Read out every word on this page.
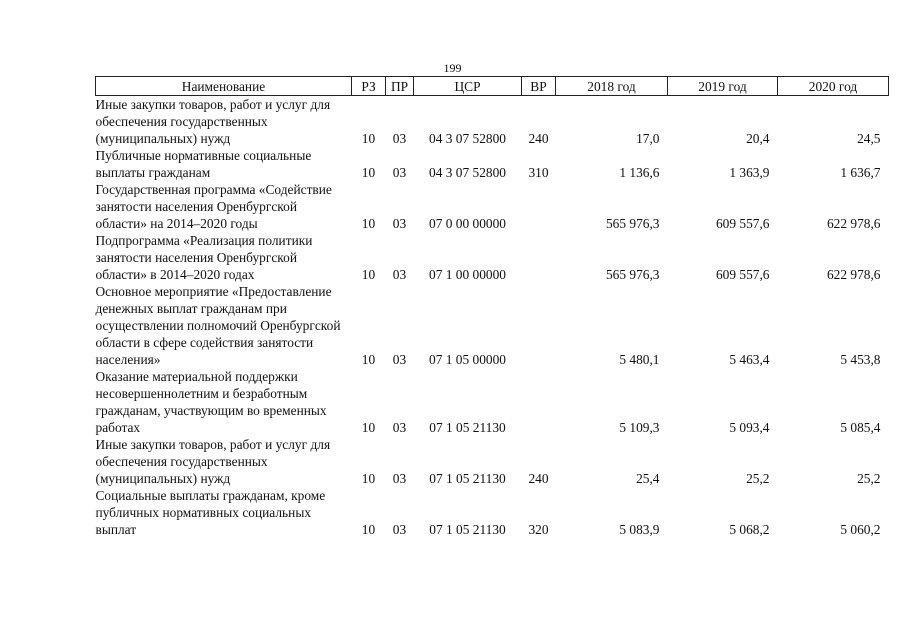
199
Наименование	РЗ	ПР	ЦСР	ВР	2018 год	2019 год	2020 год
Иные закупки товаров, работ и услуг для обеспечения государственных (муниципальных) нужд	10	03	04 3 07 52800	240	17,0	20,4	24,5
Публичные нормативные социальные выплаты гражданам	10	03	04 3 07 52800	310	1 136,6	1 363,9	1 636,7
Государственная программа «Содействие занятости населения Оренбургской области» на 2014–2020 годы	10	03	07 0 00 00000		565 976,3	609 557,6	622 978,6
Подпрограмма «Реализация политики занятости населения Оренбургской области» в 2014–2020 годах	10	03	07 1 00 00000		565 976,3	609 557,6	622 978,6
Основное мероприятие «Предоставление денежных выплат гражданам при осуществлении полномочий Оренбургской области в сфере содействия занятости населения»	10	03	07 1 05 00000		5 480,1	5 463,4	5 453,8
Оказание материальной поддержки несовершеннолетним и безработным гражданам, участвующим во временных работах	10	03	07 1 05 21130		5 109,3	5 093,4	5 085,4
Иные закупки товаров, работ и услуг для обеспечения государственных (муниципальных) нужд	10	03	07 1 05 21130	240	25,4	25,2	25,2
Социальные выплаты гражданам, кроме публичных нормативных социальных выплат	10	03	07 1 05 21130	320	5 083,9	5 068,2	5 060,2
